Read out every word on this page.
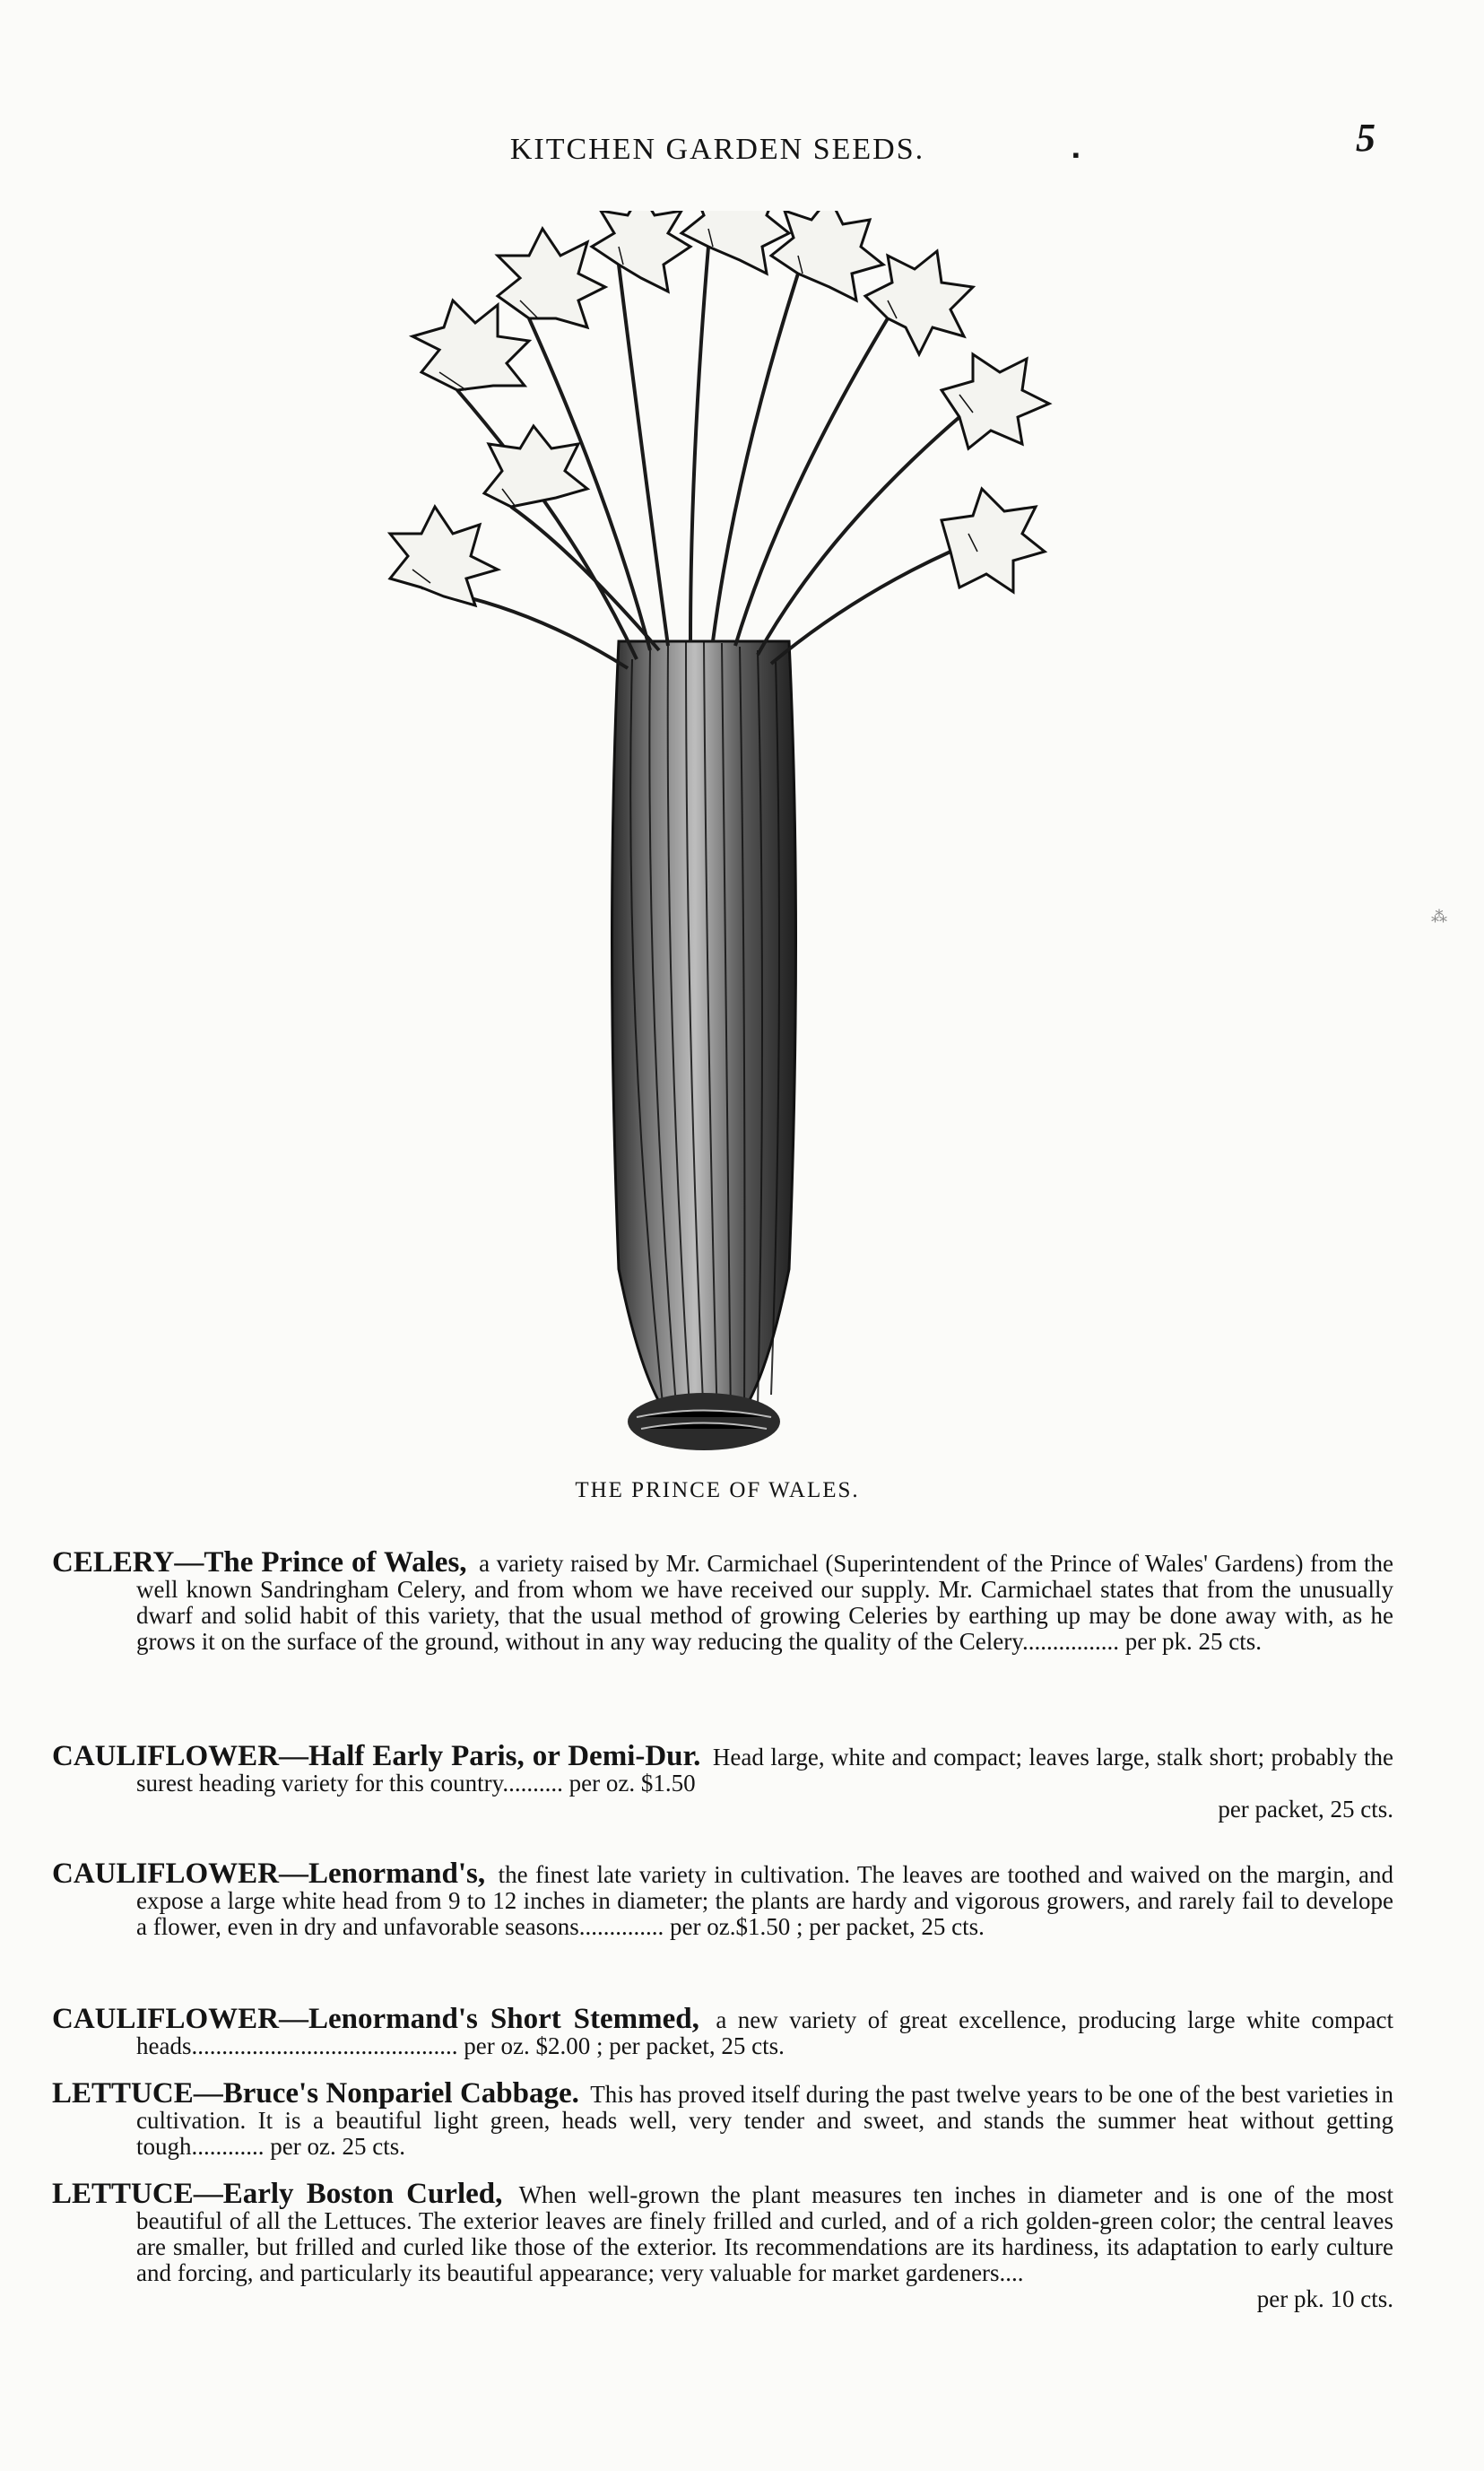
KITCHEN GARDEN SEEDS.	▪	5
⁂
THE PRINCE OF WALES.
CELERY—The Prince of Wales, a variety raised by Mr. Carmichael (Superintendent of the Prince of Wales' Gardens) from the well known Sandringham Celery, and from whom we have received our supply. Mr. Carmichael states that from the unusually dwarf and solid habit of this variety, that the usual method of growing Celeries by earthing up may be done away with, as he grows it on the surface of the ground, without in any way reducing the quality of the Celery................ per pk. 25 cts.
CAULIFLOWER—Half Early Paris, or Demi-Dur. Head large, white and compact; leaves large, stalk short; probably the surest heading variety for this country.......... per oz. $1.50
per packet, 25 cts.
CAULIFLOWER—Lenormand's, the finest late variety in cultivation. The leaves are toothed and waived on the margin, and expose a large white head from 9 to 12 inches in diameter; the plants are hardy and vigorous growers, and rarely fail to develope a flower, even in dry and unfavorable seasons.............. per oz.$1.50 ; per packet, 25 cts.
CAULIFLOWER—Lenormand's Short Stemmed, a new variety of great excellence, producing large white compact heads............................................ per oz. $2.00 ; per packet, 25 cts.
LETTUCE—Bruce's Nonpariel Cabbage. This has proved itself during the past twelve years to be one of the best varieties in cultivation. It is a beautiful light green, heads well, very tender and sweet, and stands the summer heat without getting tough............ per oz. 25 cts.
LETTUCE—Early Boston Curled, When well-grown the plant measures ten inches in diameter and is one of the most beautiful of all the Lettuces. The exterior leaves are finely frilled and curled, and of a rich golden-green color; the central leaves are smaller, but frilled and curled like those of the exterior. Its recommendations are its hardiness, its adaptation to early culture and forcing, and particularly its beautiful appearance; very valuable for market gardeners....
per pk. 10 cts.
